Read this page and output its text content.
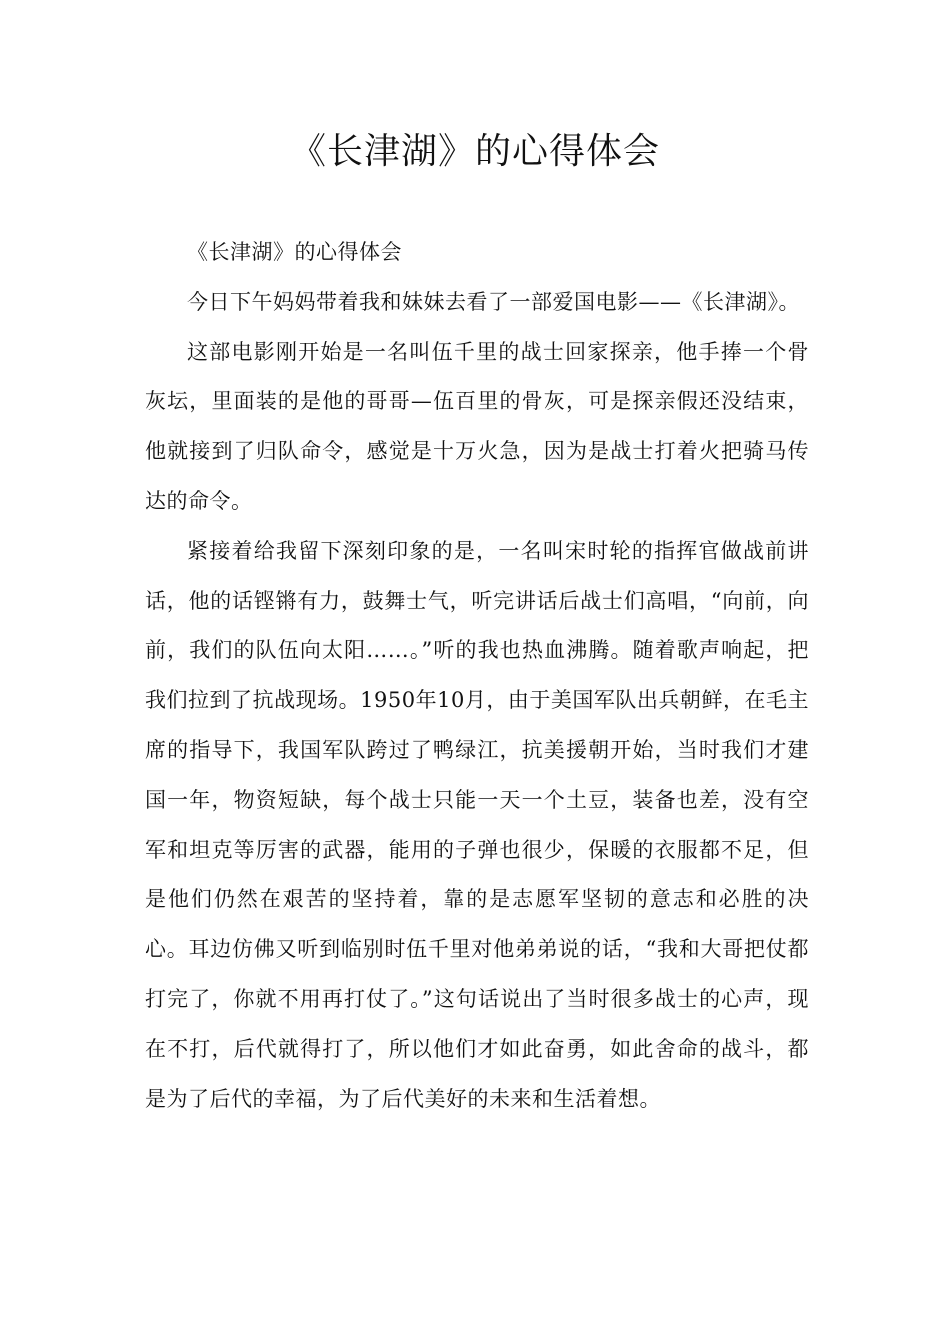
《长津湖》的心得体会

《长津湖》的心得体会

今日下午妈妈带着我和妹妹去看了一部爱国电影——《长津湖》。

这部电影刚开始是一名叫伍千里的战士回家探亲，他手捧一个骨灰坛，里面装的是他的哥哥—伍百里的骨灰，可是探亲假还没结束，他就接到了归队命令，感觉是十万火急，因为是战士打着火把骑马传达的命令。

紧接着给我留下深刻印象的是，一名叫宋时轮的指挥官做战前讲话，他的话铿锵有力，鼓舞士气，听完讲话后战士们高唱，“向前，向前，我们的队伍向太阳……。”听的我也热血沸腾。随着歌声响起，把我们拉到了抗战现场。1950年10月，由于美国军队出兵朝鲜，在毛主席的指导下，我国军队跨过了鸭绿江，抗美援朝开始，当时我们才建国一年，物资短缺，每个战士只能一天一个土豆，装备也差，没有空军和坦克等厉害的武器，能用的子弹也很少，保暖的衣服都不足，但是他们仍然在艰苦的坚持着，靠的是志愿军坚韧的意志和必胜的决心。耳边仿佛又听到临别时伍千里对他弟弟说的话，“我和大哥把仗都打完了，你就不用再打仗了。”这句话说出了当时很多战士的心声，现在不打，后代就得打了，所以他们才如此奋勇，如此舍命的战斗，都是为了后代的幸福，为了后代美好的未来和生活着想。
